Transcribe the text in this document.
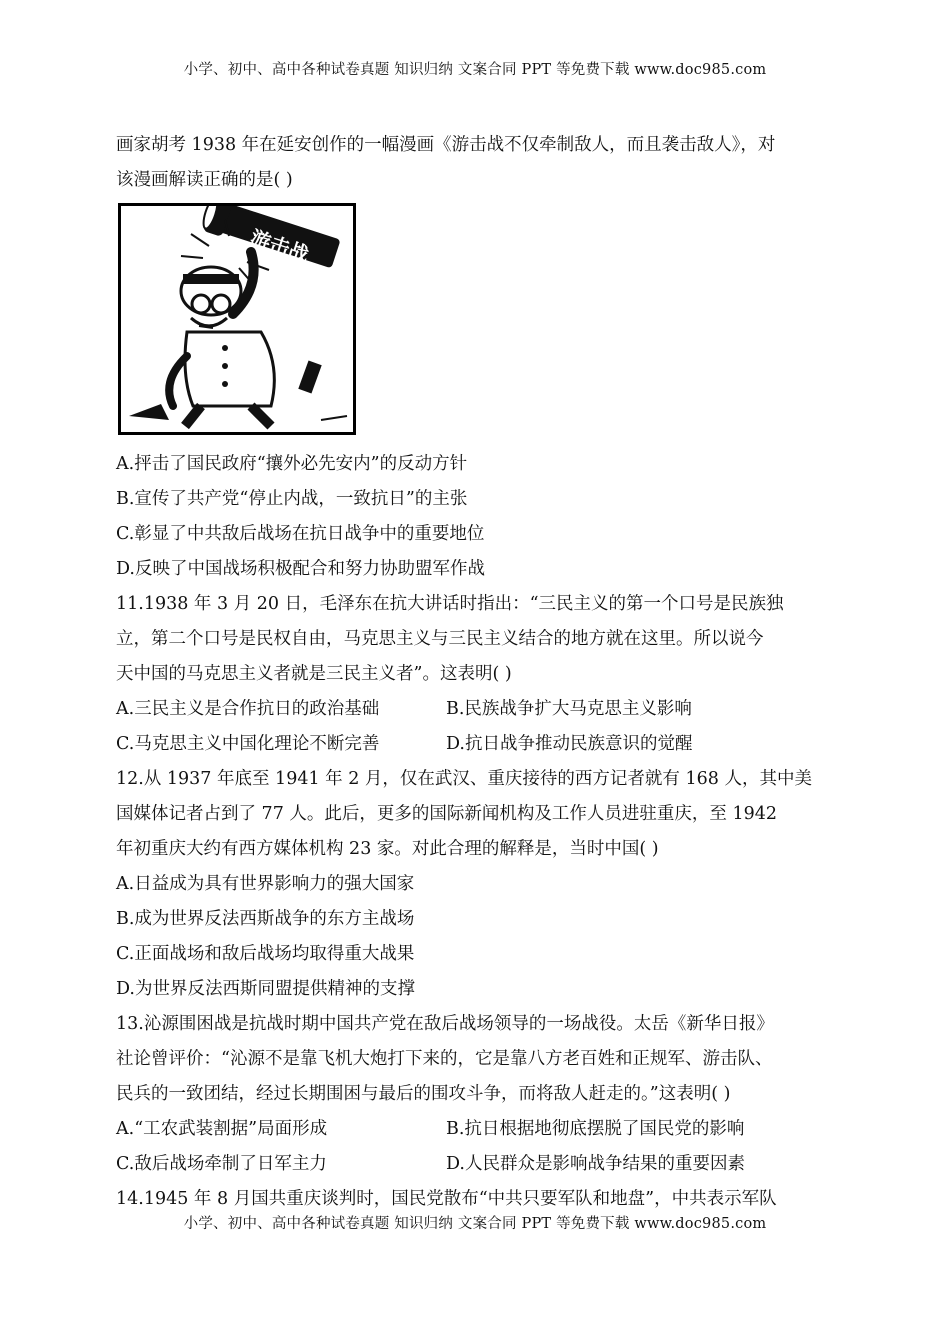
小学、初中、高中各种试卷真题 知识归纳 文案合同 PPT 等免费下载 www.doc985.com
画家胡考 1938 年在延安创作的一幅漫画《游击战不仅牵制敌人，而且袭击敌人》，对
该漫画解读正确的是( )
游击战
A.抨击了国民政府“攘外必先安内”的反动方针
B.宣传了共产党“停止内战，一致抗日”的主张
C.彰显了中共敌后战场在抗日战争中的重要地位
D.反映了中国战场积极配合和努力协助盟军作战
11.1938 年 3 月 20 日，毛泽东在抗大讲话时指出：“三民主义的第一个口号是民族独
立，第二个口号是民权自由，马克思主义与三民主义结合的地方就在这里。所以说今
天中国的马克思主义者就是三民主义者”。这表明( )
A.三民主义是合作抗日的政治基础	B.民族战争扩大马克思主义影响
C.马克思主义中国化理论不断完善	D.抗日战争推动民族意识的觉醒
12.从 1937 年底至 1941 年 2 月，仅在武汉、重庆接待的西方记者就有 168 人，其中美
国媒体记者占到了 77 人。此后，更多的国际新闻机构及工作人员进驻重庆，至 1942
年初重庆大约有西方媒体机构 23 家。对此合理的解释是，当时中国( )
A.日益成为具有世界影响力的强大国家
B.成为世界反法西斯战争的东方主战场
C.正面战场和敌后战场均取得重大战果
D.为世界反法西斯同盟提供精神的支撑
13.沁源围困战是抗战时期中国共产党在敌后战场领导的一场战役。太岳《新华日报》
社论曾评价：“沁源不是靠飞机大炮打下来的，它是靠八方老百姓和正规军、游击队、
民兵的一致团结，经过长期围困与最后的围攻斗争，而将敌人赶走的。”这表明( )
A.“工农武装割据”局面形成	B.抗日根据地彻底摆脱了国民党的影响
C.敌后战场牵制了日军主力	D.人民群众是影响战争结果的重要因素
14.1945 年 8 月国共重庆谈判时，国民党散布“中共只要军队和地盘”，中共表示军队
小学、初中、高中各种试卷真题 知识归纳 文案合同 PPT 等免费下载 www.doc985.com
